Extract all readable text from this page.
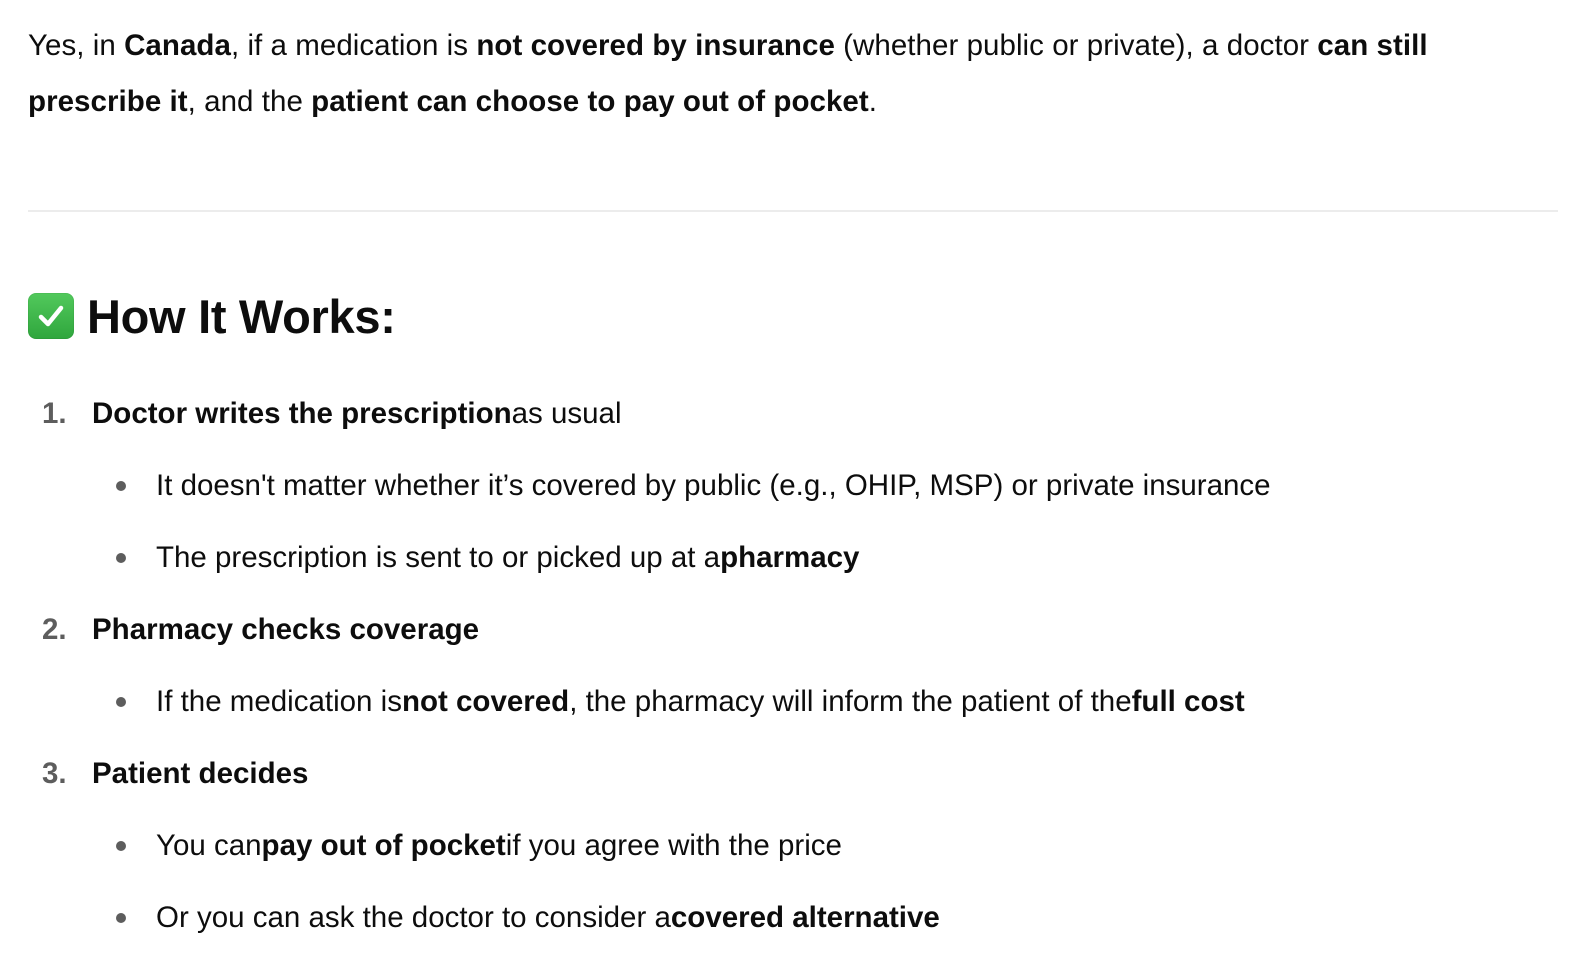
Yes, in Canada, if a medication is not covered by insurance (whether public or private), a doctor can still prescribe it, and the patient can choose to pay out of pocket.

How It Works:
1. Doctor writes the prescription as usual
It doesn't matter whether it’s covered by public (e.g., OHIP, MSP) or private insurance
The prescription is sent to or picked up at a pharmacy
2. Pharmacy checks coverage
If the medication is not covered , the pharmacy will inform the patient of the full cost
3. Patient decides
You can pay out of pocket if you agree with the price
Or you can ask the doctor to consider a covered alternative
